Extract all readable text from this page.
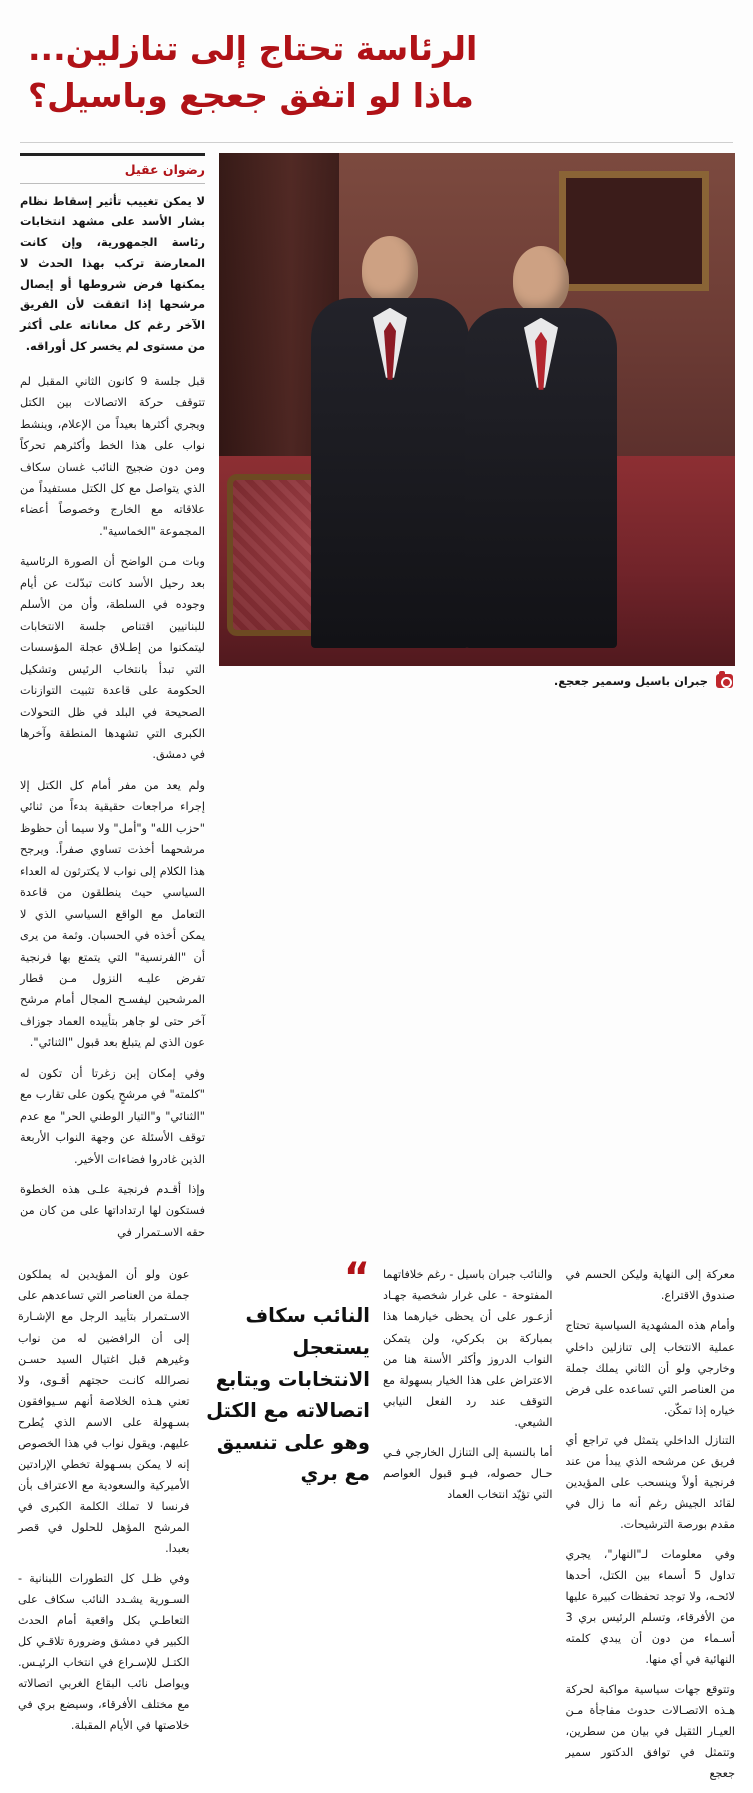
الرئاسة تحتاج إلى تنازلين...
ماذا لو اتفق جعجع وباسيل؟
جبران باسيل وسمير جعجع.
رضوان عقيل
لا يمكن تغييب تأثير إسقاط نظام بشار الأسد على مشهد انتخابات رئاسة الجمهورية، وإن كانت المعارضة تركب بهذا الحدث لا يمكنها فرض شروطها أو إيصال مرشحها إذا اتفقت لأن الفريق الآخر رغم كل معاناته على أكثر من مستوى لم يخسر كل أوراقه.

قبل جلسة 9 كانون الثاني المقبل لم تتوقف حركة الاتصالات بين الكتل ويجري أكثرها بعيداً من الإعلام، وينشط نواب على هذا الخط وأكثرهم تحركاً ومن دون ضجيج النائب غسان سكاف الذي يتواصل مع كل الكتل مستفيداً من علاقاته مع الخارج وخصوصاً أعضاء المجموعة "الخماسية".

وبات مـن الواضح أن الصورة الرئاسية بعد رحيل الأسد كانت تبدّلت عن أيام وجوده في السلطة، وأن من الأسلم للبنانيين اقتناص جلسة الانتخابات ليتمكنوا من إطـلاق عجلة المؤسسات التي تبدأ بانتخاب الرئيس وتشكيل الحكومة على قاعدة تثبيت التوازنات الصحيحة في البلد في ظل التحولات الكبرى التي تشهدها المنطقة وآخرها في دمشق.

ولم يعد من مفر أمام كل الكتل إلا إجراء مراجعات حقيقية بدءاً من ثنائي "حزب الله" و"أمل" ولا سيما أن حظوظ مرشحهما أخذت تساوي صفراً. ويرجح هذا الكلام إلى نواب لا يكترثون له العداء السياسي حيث ينطلقون من قاعدة التعامل مع الواقع السياسي الذي لا يمكن أخذه في الحسبان. وثمة من يرى أن "الفرنسية" التي يتمتع بها فرنجية تفرض عليـه النزول مـن قطار المرشحين ليفسـح المجال أمام مرشح آخر حتى لو جاهر بتأييده العماد جوزاف عون الذي لم يتبلغ بعد قبول "الثنائي".

وفي إمكان إبن زغرتا أن تكون له "كلمته" في مرشحٍ يكون على تقارب مع "الثنائي" و"التيار الوطني الحر" مع عدم توقف الأسئلة عن وجهة النواب الأربعة الذين غادروا فضاءات الأخير.

وإذا أقـدم فرنجية علـى هذه الخطوة فستكون لها ارتداداتها على من كان من حقه الاسـتمرار في

معركة إلى النهاية وليكن الحسم في صندوق الاقتراع.

وأمام هذه المشهدية السياسية تحتاج عملية الانتخاب إلى تنازلين داخلي وخارجي ولو أن الثاني يملك جملة من العناصر التي تساعده على فرض خياره إذا تمكّن.

التنازل الداخلي يتمثل في تراجع أي فريق عن مرشحه الذي يبدأ من عند فرنجية أولاً وينسحب على المؤيدين لقائد الجيش رغم أنه ما زال في مقدم بورصة الترشيحات.

وفي معلومات لـ"النهار"، يجري تداول 5 أسماء بين الكتل، أحدها لائحـه، ولا توجد تحفظات كبيرة عليها من الأفرقاء، وتسلم الرئيس بري 3 أسـماء من دون أن يبدي كلمته النهائية في أي منها.

وتتوقع جهات سياسية مواكبة لحركة هـذه الاتصـالات حدوث مفاجأة مـن العيـار الثقيل في بيان من سطرين، وتتمثل في توافق الدكتور سمير جعجع

والنائب جبران باسيل - رغم خلافاتهما المفتوحة - على غرار شخصية جهـاد أزعـور على أن يحظى خيارهما هذا بمباركة بن بكركي، ولن يتمكن النواب الدروز وأكثر الأسنة هنا من الاعتراض على هذا الخيار بسهولة مع التوقف عند رد الفعل النيابي الشيعي.

أما بالنسبة إلى التنازل الخارجي فـي حـال حصوله، فيـو قبول العواصم التي تؤيّد انتخاب العماد

“
النائب سكاف يستعجل الانتخابات ويتابع اتصالاته مع الكتل وهو على تنسيق مع بري

عون ولو أن المؤيدين له يملكون جملة من العناصر التي تساعدهم على الاسـتمرار بتأييد الرجل مع الإشـارة إلى أن الرافضين له من نواب وغيرهم قبل اغتيال السيد حسـن نصرالله كانـت حجتهم أقـوى، ولا تعني هـذه الخلاصة أنهم سـيوافقون بسـهولة على الاسم الذي يُطرح عليهم. ويقول نواب في هذا الخصوص إنه لا يمكن بسـهولة تخطي الإرادتين الأميركية والسعودية مع الاعتراف بأن فرنسا لا تملك الكلمة الكبرى في المرشح المؤهل للحلول في قصر بعبدا.

وفي ظـل كل التطورات اللبنانية - السـورية يشـدد النائب سكاف على التعاطـي بكل واقعية أمام الحدث الكبير في دمشق وضرورة تلاقـي كل الكتـل للإسـراع في انتخاب الرئيـس. ويواصل نائب البقاع الغربي اتصالاته مع مختلف الأفرقاء، وسيضع بري في خلاصتها في الأيام المقبلة.
